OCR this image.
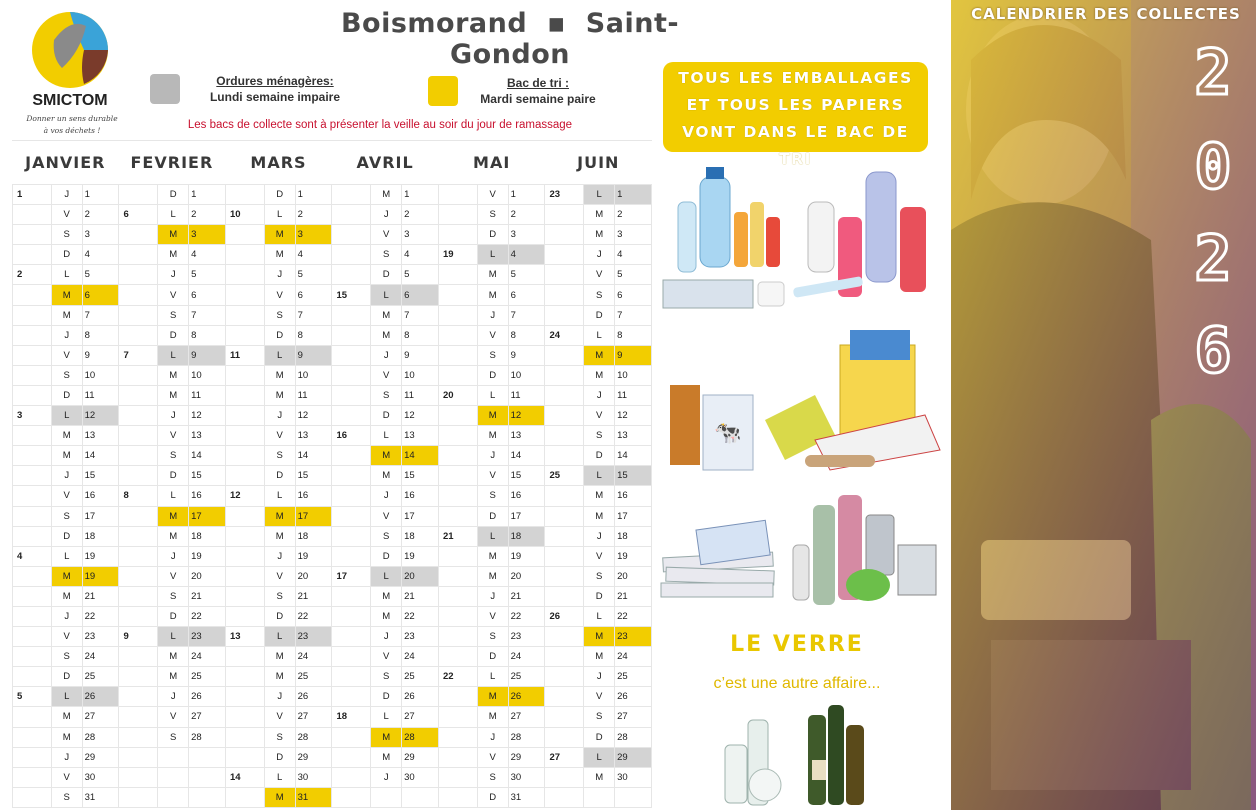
SMICTOM
Donner un sens durable
à vos déchets !
Boismorand ▪ Saint-Gondon
Ordures ménagères:
Lundi semaine impaire
Bac de tri :
Mardi semaine paire
Les bacs de collecte sont à présenter la veille au soir du jour de ramassage
JANVIER	FEVRIER	MARS	AVRIL	MAI	JUIN
1	J	1		D	1		D	1		M	1		V	1	23	L	1
	V	2	6	L	2	10	L	2		J	2		S	2		M	2
	S	3		M	3		M	3		V	3		D	3		M	3
	D	4		M	4		M	4		S	4	19	L	4		J	4
2	L	5		J	5		J	5		D	5		M	5		V	5
	M	6		V	6		V	6	15	L	6		M	6		S	6
	M	7		S	7		S	7		M	7		J	7		D	7
	J	8		D	8		D	8		M	8		V	8	24	L	8
	V	9	7	L	9	11	L	9		J	9		S	9		M	9
	S	10		M	10		M	10		V	10		D	10		M	10
	D	11		M	11		M	11		S	11	20	L	11		J	11
3	L	12		J	12		J	12		D	12		M	12		V	12
	M	13		V	13		V	13	16	L	13		M	13		S	13
	M	14		S	14		S	14		M	14		J	14		D	14
	J	15		D	15		D	15		M	15		V	15	25	L	15
	V	16	8	L	16	12	L	16		J	16		S	16		M	16
	S	17		M	17		M	17		V	17		D	17		M	17
	D	18		M	18		M	18		S	18	21	L	18		J	18
4	L	19		J	19		J	19		D	19		M	19		V	19
	M	19		V	20		V	20	17	L	20		M	20		S	20
	M	21		S	21		S	21		M	21		J	21		D	21
	J	22		D	22		D	22		M	22		V	22	26	L	22
	V	23	9	L	23	13	L	23		J	23		S	23		M	23
	S	24		M	24		M	24		V	24		D	24		M	24
	D	25		M	25		M	25		S	25	22	L	25		J	25
5	L	26		J	26		J	26		D	26		M	26		V	26
	M	27		V	27		V	27	18	L	27		M	27		S	27
	M	28		S	28		S	28		M	28		J	28		D	28
	J	29					D	29		M	29		V	29	27	L	29
	V	30				14	L	30		J	30		S	30		M	30
	S	31					M	31					D	31			
TOUS LES EMBALLAGES
ET TOUS LES PAPIERS
VONT DANS LE BAC DE TRI
🐄
LE VERRE
c’est une autre affaire...
CALENDRIER DES COLLECTES
2
0
2
6
